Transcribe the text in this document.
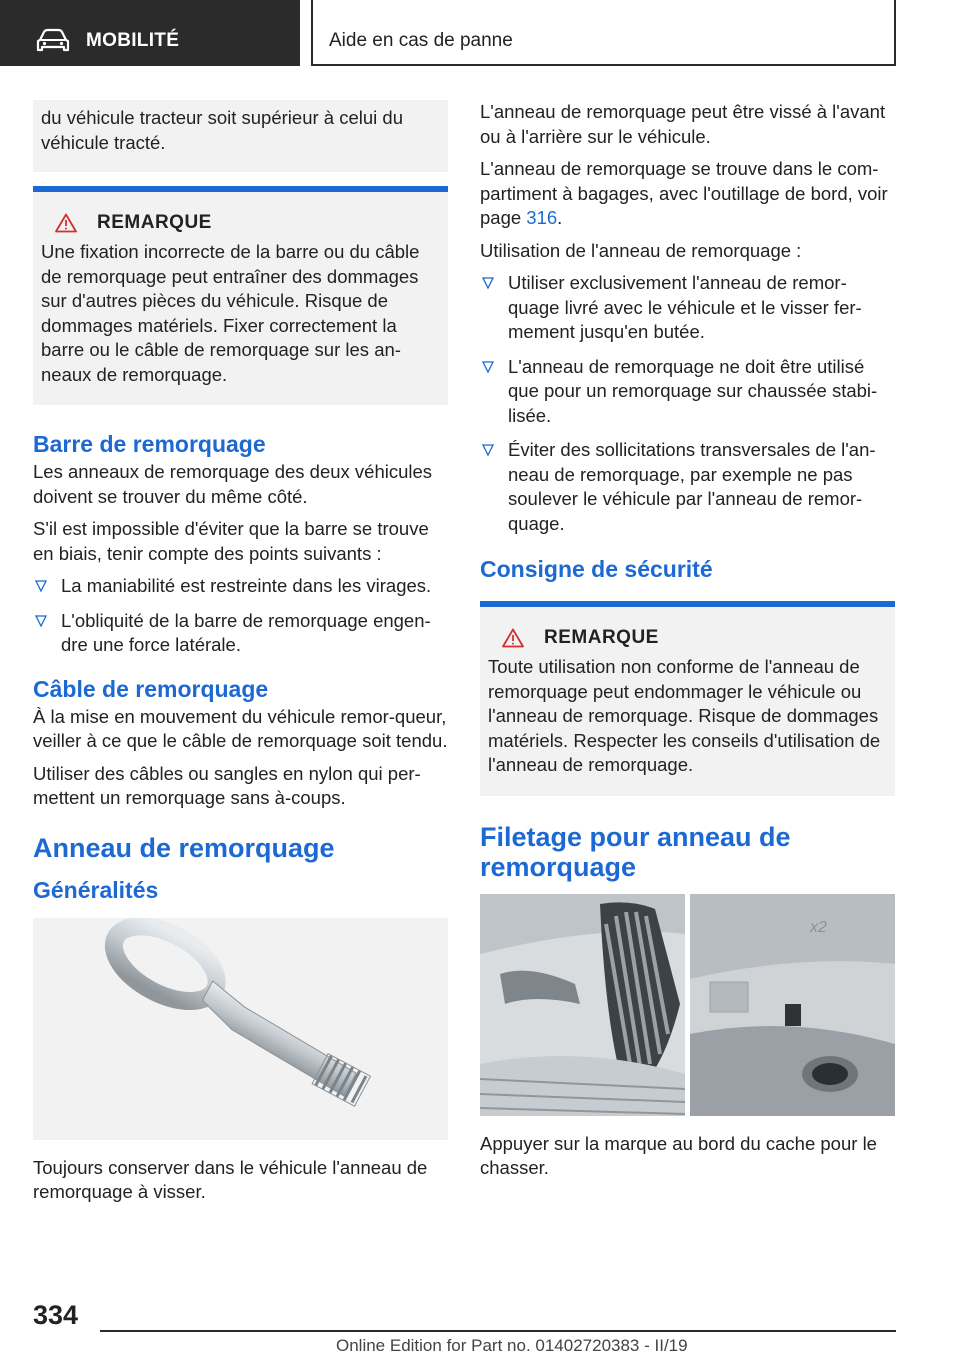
MOBILITÉ	Aide en cas de panne

du véhicule tracteur soit supérieur à celui du véhicule tracté.

REMARQUE

Une fixation incorrecte de la barre ou du câble de remorquage peut entraîner des dommages sur d'autres pièces du véhicule. Risque de dommages matériels. Fixer correctement la barre ou le câble de remorquage sur les an-neaux de remorquage.

Barre de remorquage

Les anneaux de remorquage des deux véhicules doivent se trouver du même côté.

S'il est impossible d'éviter que la barre se trouve en biais, tenir compte des points suivants :

La maniabilité est restreinte dans les virages.
L'obliquité de la barre de remorquage engen-dre une force latérale.
Câble de remorquage

À la mise en mouvement du véhicule remor-queur, veiller à ce que le câble de remorquage soit tendu.

Utiliser des câbles ou sangles en nylon qui per-mettent un remorquage sans à-coups.

Anneau de remorquage
Généralités

Toujours conserver dans le véhicule l'anneau de remorquage à visser.

L'anneau de remorquage peut être vissé à l'avant ou à l'arrière sur le véhicule.

L'anneau de remorquage se trouve dans le com-partiment à bagages, avec l'outillage de bord, voir page 316.

Utilisation de l'anneau de remorquage :

Utiliser exclusivement l'anneau de remor-quage livré avec le véhicule et le visser fer-mement jusqu'en butée.
L'anneau de remorquage ne doit être utilisé que pour un remorquage sur chaussée stabi-lisée.
Éviter des sollicitations transversales de l'an-neau de remorquage, par exemple ne pas soulever le véhicule par l'anneau de remor-quage.
Consigne de sécurité
REMARQUE

Toute utilisation non conforme de l'anneau de remorquage peut endommager le véhicule ou l'anneau de remorquage. Risque de dommages matériels. Respecter les conseils d'utilisation de l'anneau de remorquage.

Filetage pour anneau de remorquage
x2

Appuyer sur la marque au bord du cache pour le chasser.

334
Online Edition for Part no. 01402720383 - II/19
